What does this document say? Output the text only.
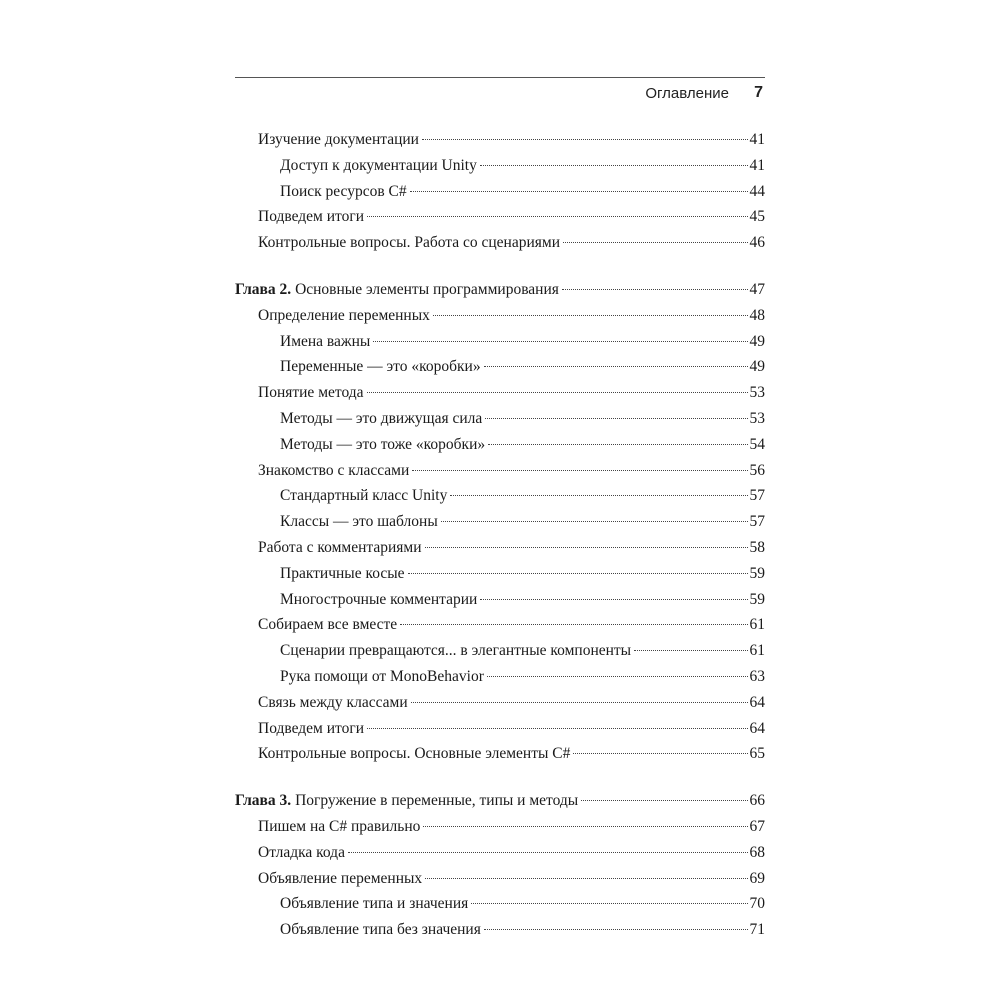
Оглавление 7
Изучение документации	41
Доступ к документации Unity	41
Поиск ресурсов C#	44
Подведем итоги	45
Контрольные вопросы. Работа со сценариями	46
Глава 2. Основные элементы программирования	47
Определение переменных	48
Имена важны	49
Переменные — это «коробки»	49
Понятие метода	53
Методы — это движущая сила	53
Методы — это тоже «коробки»	54
Знакомство с классами	56
Стандартный класс Unity	57
Классы — это шаблоны	57
Работа с комментариями	58
Практичные косые	59
Многострочные комментарии	59
Собираем все вместе	61
Сценарии превращаются... в элегантные компоненты	61
Рука помощи от MonoBehavior	63
Связь между классами	64
Подведем итоги	64
Контрольные вопросы. Основные элементы C#	65
Глава 3. Погружение в переменные, типы и методы	66
Пишем на C# правильно	67
Отладка кода	68
Объявление переменных	69
Объявление типа и значения	70
Объявление типа без значения	71
